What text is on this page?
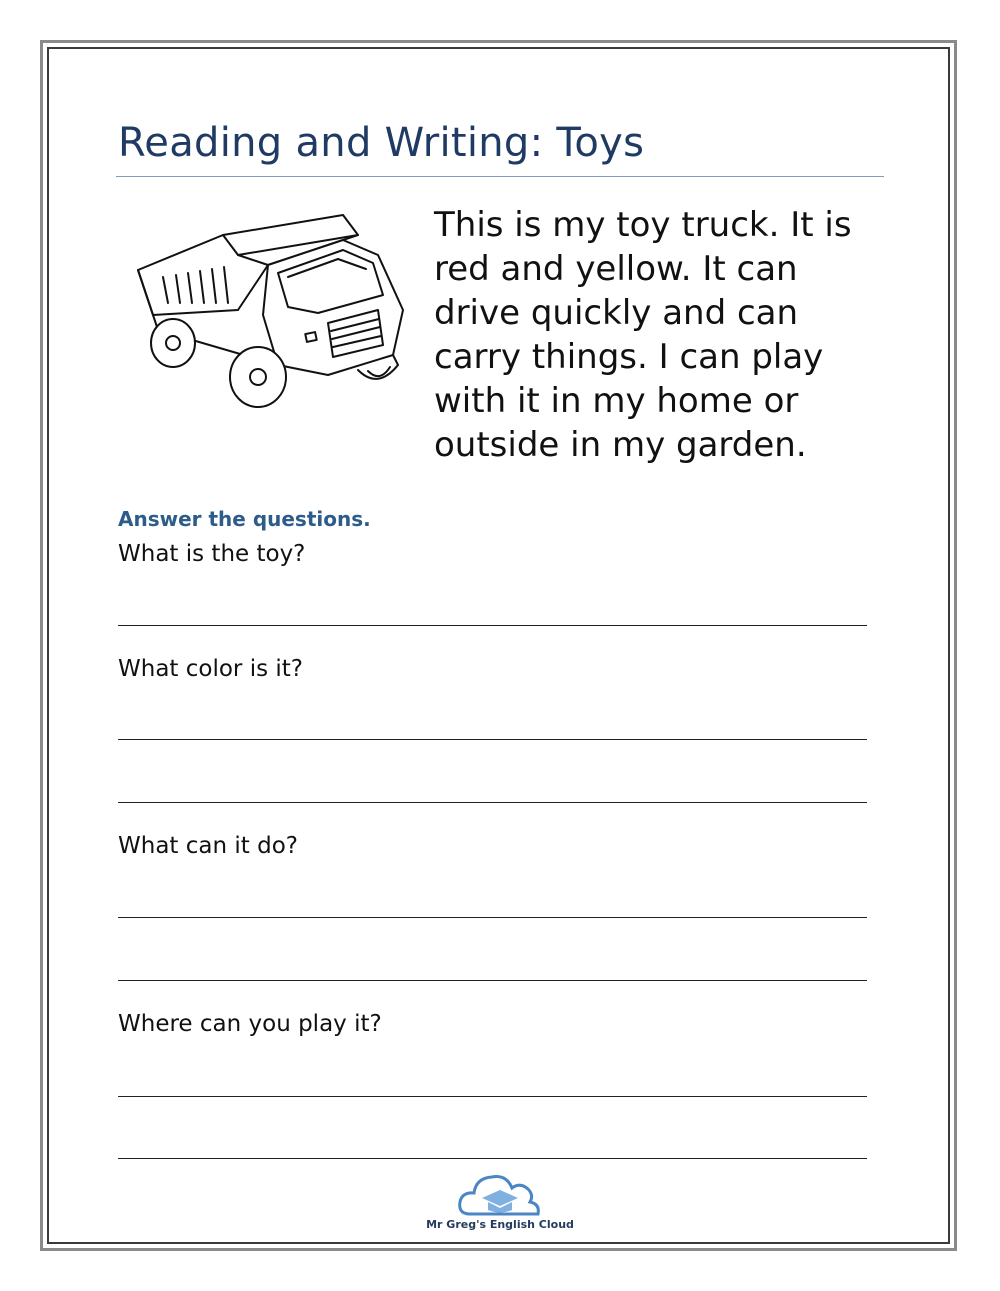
Reading and Writing: Toys
This is my toy truck. It is
red and yellow. It can
drive quickly and can
carry things. I can play
with it in my home or
outside in my garden.
Answer the questions.
What is the toy?
What color is it?
What can it do?
Where can you play it?
Mr Greg's English Cloud
